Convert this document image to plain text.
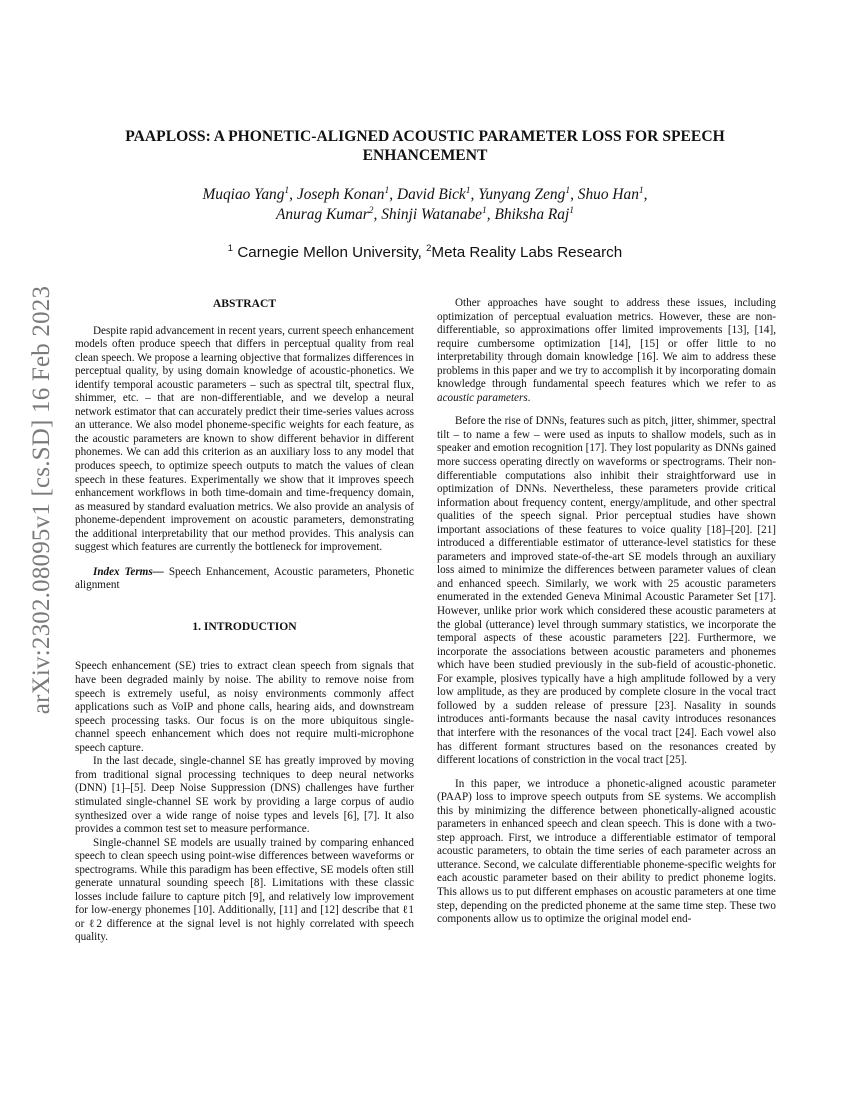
arXiv:2302.08095v1 [cs.SD] 16 Feb 2023
PAAPLOSS: A PHONETIC-ALIGNED ACOUSTIC PARAMETER LOSS FOR SPEECH ENHANCEMENT
Muqiao Yang$^1$, Joseph Konan$^1$, David Bick$^1$, Yunyang Zeng$^1$, Shuo Han$^1$,
Anurag Kumar$^2$, Shinji Watanabe$^1$, Bhiksha Raj$^1$
$^1$ Carnegie Mellon University, $^2$Meta Reality Labs Research
ABSTRACT

Despite rapid advancement in recent years, current speech enhancement models often produce speech that differs in perceptual quality from real clean speech. We propose a learning objective that formalizes differences in perceptual quality, by using domain knowledge of acoustic-phonetics. We identify temporal acoustic parameters – such as spectral tilt, spectral flux, shimmer, etc. – that are non-differentiable, and we develop a neural network estimator that can accurately predict their time-series values across an utterance. We also model phoneme-specific weights for each feature, as the acoustic parameters are known to show different behavior in different phonemes. We can add this criterion as an auxiliary loss to any model that produces speech, to optimize speech outputs to match the values of clean speech in these features. Experimentally we show that it improves speech enhancement workflows in both time-domain and time-frequency domain, as measured by standard evaluation metrics. We also provide an analysis of phoneme-dependent improvement on acoustic parameters, demonstrating the additional interpretability that our method provides. This analysis can suggest which features are currently the bottleneck for improvement.

Index Terms— Speech Enhancement, Acoustic parameters, Phonetic alignment

1. INTRODUCTION

Speech enhancement (SE) tries to extract clean speech from signals that have been degraded mainly by noise. The ability to remove noise from speech is extremely useful, as noisy environments commonly affect applications such as VoIP and phone calls, hearing aids, and downstream speech processing tasks. Our focus is on the more ubiquitous single-channel speech enhancement which does not require multi-microphone speech capture.

In the last decade, single-channel SE has greatly improved by moving from traditional signal processing techniques to deep neural networks (DNN) [1]–[5]. Deep Noise Suppression (DNS) challenges have further stimulated single-channel SE work by providing a large corpus of audio synthesized over a wide range of noise types and levels [6], [7]. It also provides a common test set to measure performance.

Single-channel SE models are usually trained by comparing enhanced speech to clean speech using point-wise differences between waveforms or spectrograms. While this paradigm has been effective, SE models often still generate unnatural sounding speech [8]. Limitations with these classic losses include failure to capture pitch [9], and relatively low improvement for low-energy phonemes [10]. Additionally, [11] and [12] describe that ℓ1 or ℓ2 difference at the signal level is not highly correlated with speech quality.

Other approaches have sought to address these issues, including optimization of perceptual evaluation metrics. However, these are non-differentiable, so approximations offer limited improvements [13], [14], require cumbersome optimization [14], [15] or offer little to no interpretability through domain knowledge [16]. We aim to address these problems in this paper and we try to accomplish it by incorporating domain knowledge through fundamental speech features which we refer to as acoustic parameters.

Before the rise of DNNs, features such as pitch, jitter, shimmer, spectral tilt – to name a few – were used as inputs to shallow models, such as in speaker and emotion recognition [17]. They lost popularity as DNNs gained more success operating directly on waveforms or spectrograms. Their non-differentiable computations also inhibit their straightforward use in optimization of DNNs. Nevertheless, these parameters provide critical information about frequency content, energy/amplitude, and other spectral qualities of the speech signal. Prior perceptual studies have shown important associations of these features to voice quality [18]–[20]. [21] introduced a differentiable estimator of utterance-level statistics for these parameters and improved state-of-the-art SE models through an auxiliary loss aimed to minimize the differences between parameter values of clean and enhanced speech. Similarly, we work with 25 acoustic parameters enumerated in the extended Geneva Minimal Acoustic Parameter Set [17]. However, unlike prior work which considered these acoustic parameters at the global (utterance) level through summary statistics, we incorporate the temporal aspects of these acoustic parameters [22]. Furthermore, we incorporate the associations between acoustic parameters and phonemes which have been studied previously in the sub-field of acoustic-phonetic. For example, plosives typically have a high amplitude followed by a very low amplitude, as they are produced by complete closure in the vocal tract followed by a sudden release of pressure [23]. Nasality in sounds introduces anti-formants because the nasal cavity introduces resonances that interfere with the resonances of the vocal tract [24]. Each vowel also has different formant structures based on the resonances created by different locations of constriction in the vocal tract [25].

In this paper, we introduce a phonetic-aligned acoustic parameter (PAAP) loss to improve speech outputs from SE systems. We accomplish this by minimizing the difference between phonetically-aligned acoustic parameters in enhanced speech and clean speech. This is done with a two-step approach. First, we introduce a differentiable estimator of temporal acoustic parameters, to obtain the time series of each parameter across an utterance. Second, we calculate differentiable phoneme-specific weights for each acoustic parameter based on their ability to predict phoneme logits. This allows us to put different emphases on acoustic parameters at one time step, depending on the predicted phoneme at the same time step. These two components allow us to optimize the original model end-
